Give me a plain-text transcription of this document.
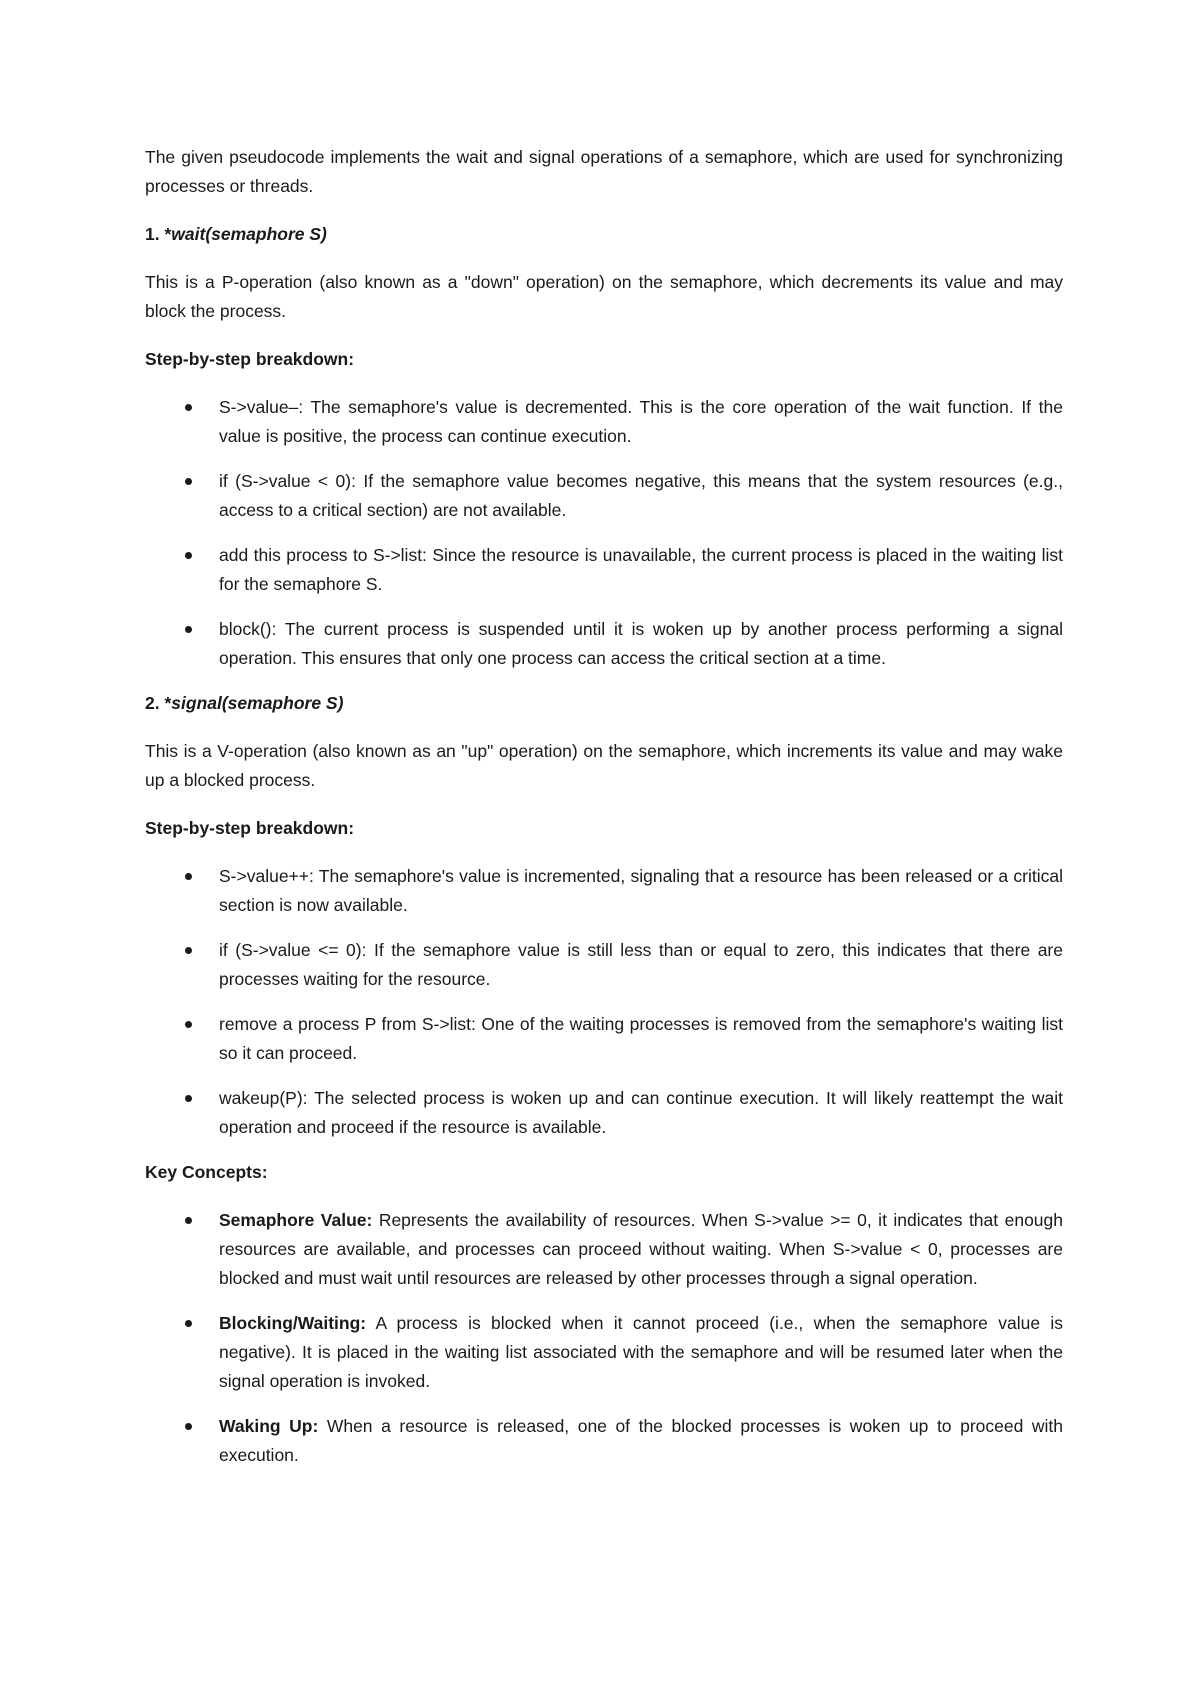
The given pseudocode implements the wait and signal operations of a semaphore, which are used for synchronizing processes or threads.

1. *wait(semaphore S)

This is a P-operation (also known as a "down" operation) on the semaphore, which decrements its value and may block the process.

Step-by-step breakdown:

S->value–: The semaphore's value is decremented. This is the core operation of the wait function. If the value is positive, the process can continue execution.
if (S->value < 0): If the semaphore value becomes negative, this means that the system resources (e.g., access to a critical section) are not available.
add this process to S->list: Since the resource is unavailable, the current process is placed in the waiting list for the semaphore S.
block(): The current process is suspended until it is woken up by another process performing a signal operation. This ensures that only one process can access the critical section at a time.

2. *signal(semaphore S)

This is a V-operation (also known as an "up" operation) on the semaphore, which increments its value and may wake up a blocked process.

Step-by-step breakdown:

S->value++: The semaphore's value is incremented, signaling that a resource has been released or a critical section is now available.
if (S->value <= 0): If the semaphore value is still less than or equal to zero, this indicates that there are processes waiting for the resource.
remove a process P from S->list: One of the waiting processes is removed from the semaphore's waiting list so it can proceed.
wakeup(P): The selected process is woken up and can continue execution. It will likely reattempt the wait operation and proceed if the resource is available.

Key Concepts:

Semaphore Value: Represents the availability of resources. When S->value >= 0, it indicates that enough resources are available, and processes can proceed without waiting. When S->value < 0, processes are blocked and must wait until resources are released by other processes through a signal operation.
Blocking/Waiting: A process is blocked when it cannot proceed (i.e., when the semaphore value is negative). It is placed in the waiting list associated with the semaphore and will be resumed later when the signal operation is invoked.
Waking Up: When a resource is released, one of the blocked processes is woken up to proceed with execution.
